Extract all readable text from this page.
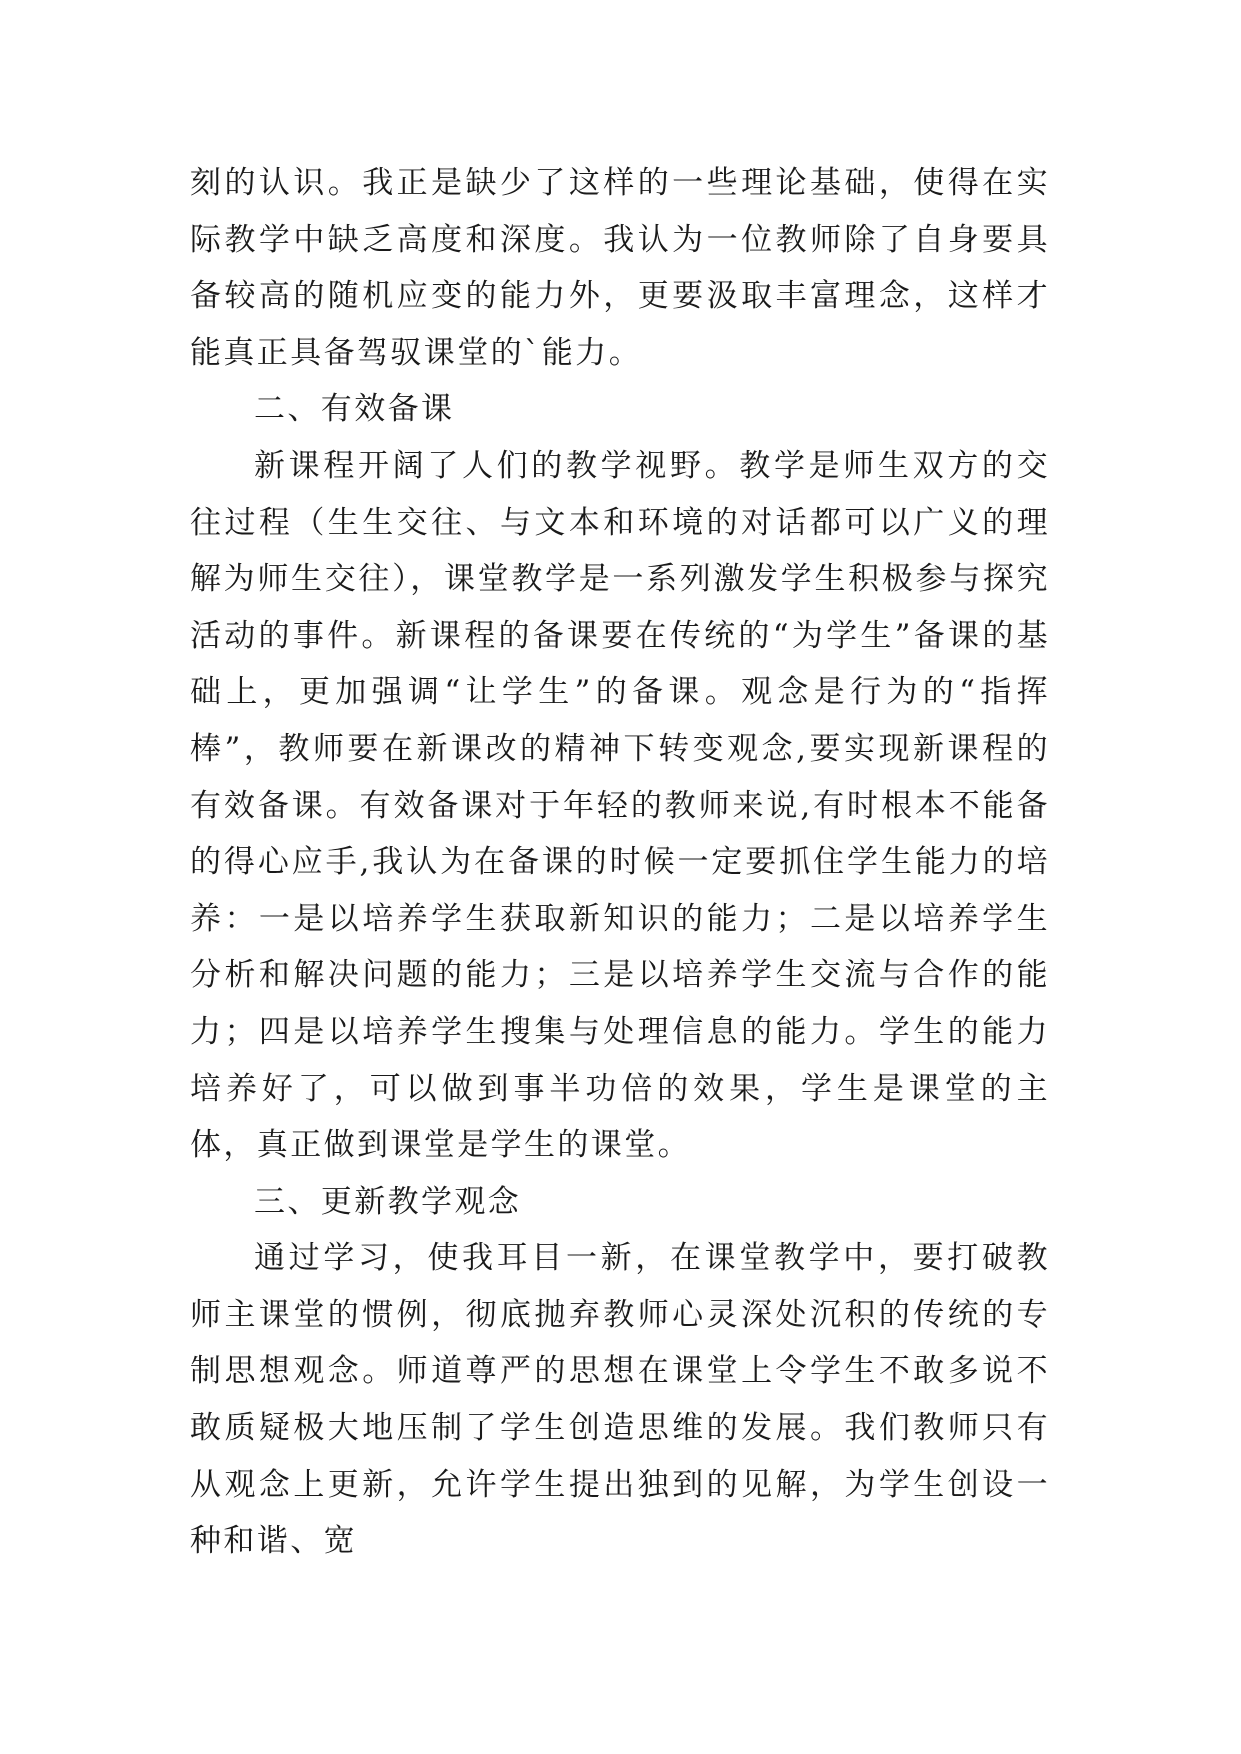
刻的认识。我正是缺少了这样的一些理论基础，使得在实际教学中缺乏高度和深度。我认为一位教师除了自身要具备较高的随机应变的能力外，更要汲取丰富理念，这样才能真正具备驾驭课堂的`能力。

二、有效备课

新课程开阔了人们的教学视野。教学是师生双方的交往过程（生生交往、与文本和环境的对话都可以广义的理解为师生交往），课堂教学是一系列激发学生积极参与探究活动的事件。新课程的备课要在传统的“为学生”备课的基础上，更加强调“让学生”的备课。观念是行为的“指挥棒”，教师要在新课改的精神下转变观念,要实现新课程的有效备课。有效备课对于年轻的教师来说,有时根本不能备的得心应手,我认为在备课的时候一定要抓住学生能力的培养：一是以培养学生获取新知识的能力；二是以培养学生分析和解决问题的能力；三是以培养学生交流与合作的能力；四是以培养学生搜集与处理信息的能力。学生的能力培养好了，可以做到事半功倍的效果，学生是课堂的主体，真正做到课堂是学生的课堂。

三、更新教学观念

通过学习，使我耳目一新，在课堂教学中，要打破教师主课堂的惯例，彻底抛弃教师心灵深处沉积的传统的专制思想观念。师道尊严的思想在课堂上令学生不敢多说不敢质疑极大地压制了学生创造思维的发展。我们教师只有从观念上更新，允许学生提出独到的见解，为学生创设一种和谐、宽
